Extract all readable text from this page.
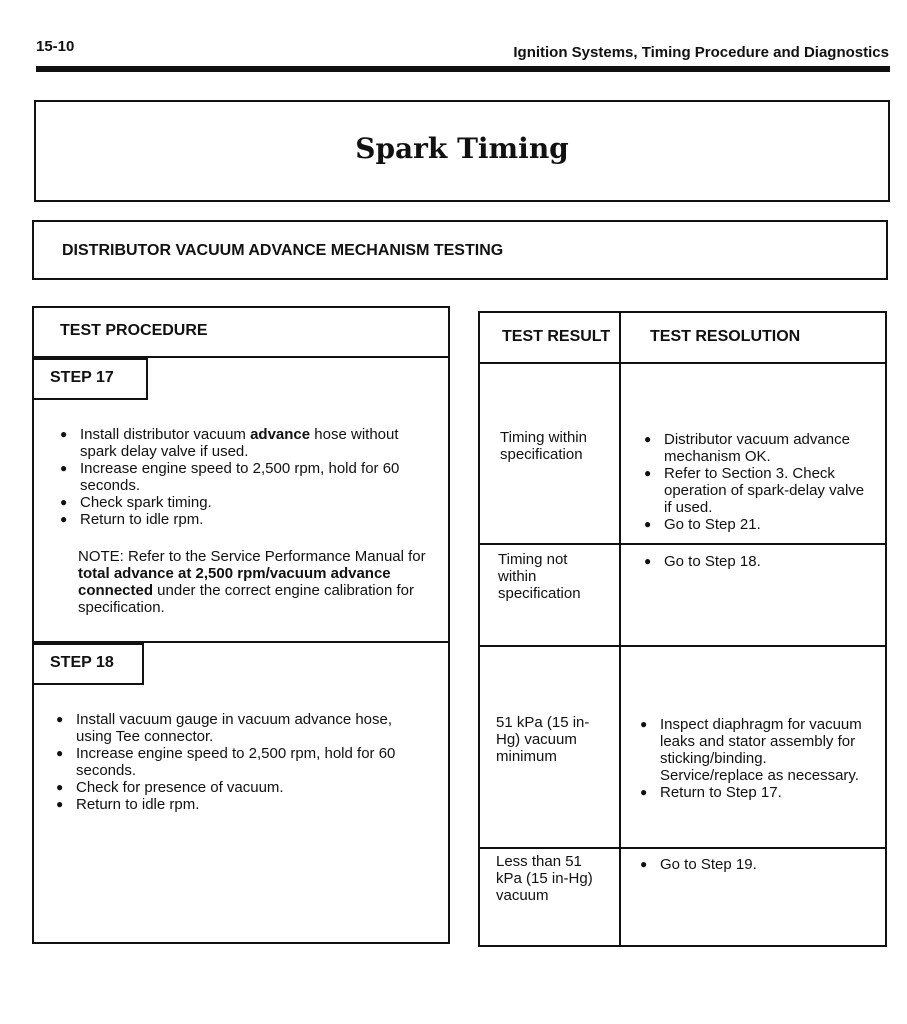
15-10	Ignition Systems, Timing Procedure and Diagnostics
Spark Timing
DISTRIBUTOR VACUUM ADVANCE MECHANISM TESTING
TEST PROCEDURE
STEP 17
● Install distributor vacuum advance hose without spark delay valve if used.
● Increase engine speed to 2,500 rpm, hold for 60 seconds.
● Check spark timing.
● Return to idle rpm.
NOTE: Refer to the Service Performance Manual for total advance at 2,500 rpm/vacuum advance connected under the correct engine calibration for specification.
STEP 18
● Install vacuum gauge in vacuum advance hose, using Tee connector.
● Increase engine speed to 2,500 rpm, hold for 60 seconds.
● Check for presence of vacuum.
● Return to idle rpm.
TEST RESULT TEST RESOLUTION
Timing within specification
● Distributor vacuum advance mechanism OK.
● Refer to Section 3. Check operation of spark-delay valve if used.
● Go to Step 21.
Timing not within specification
● Go to Step 18.
51 kPa (15 in-Hg) vacuum minimum
● Inspect diaphragm for vacuum leaks and stator assembly for sticking/binding. Service/replace as necessary.
● Return to Step 17.
Less than 51 kPa (15 in-Hg) vacuum
● Go to Step 19.
